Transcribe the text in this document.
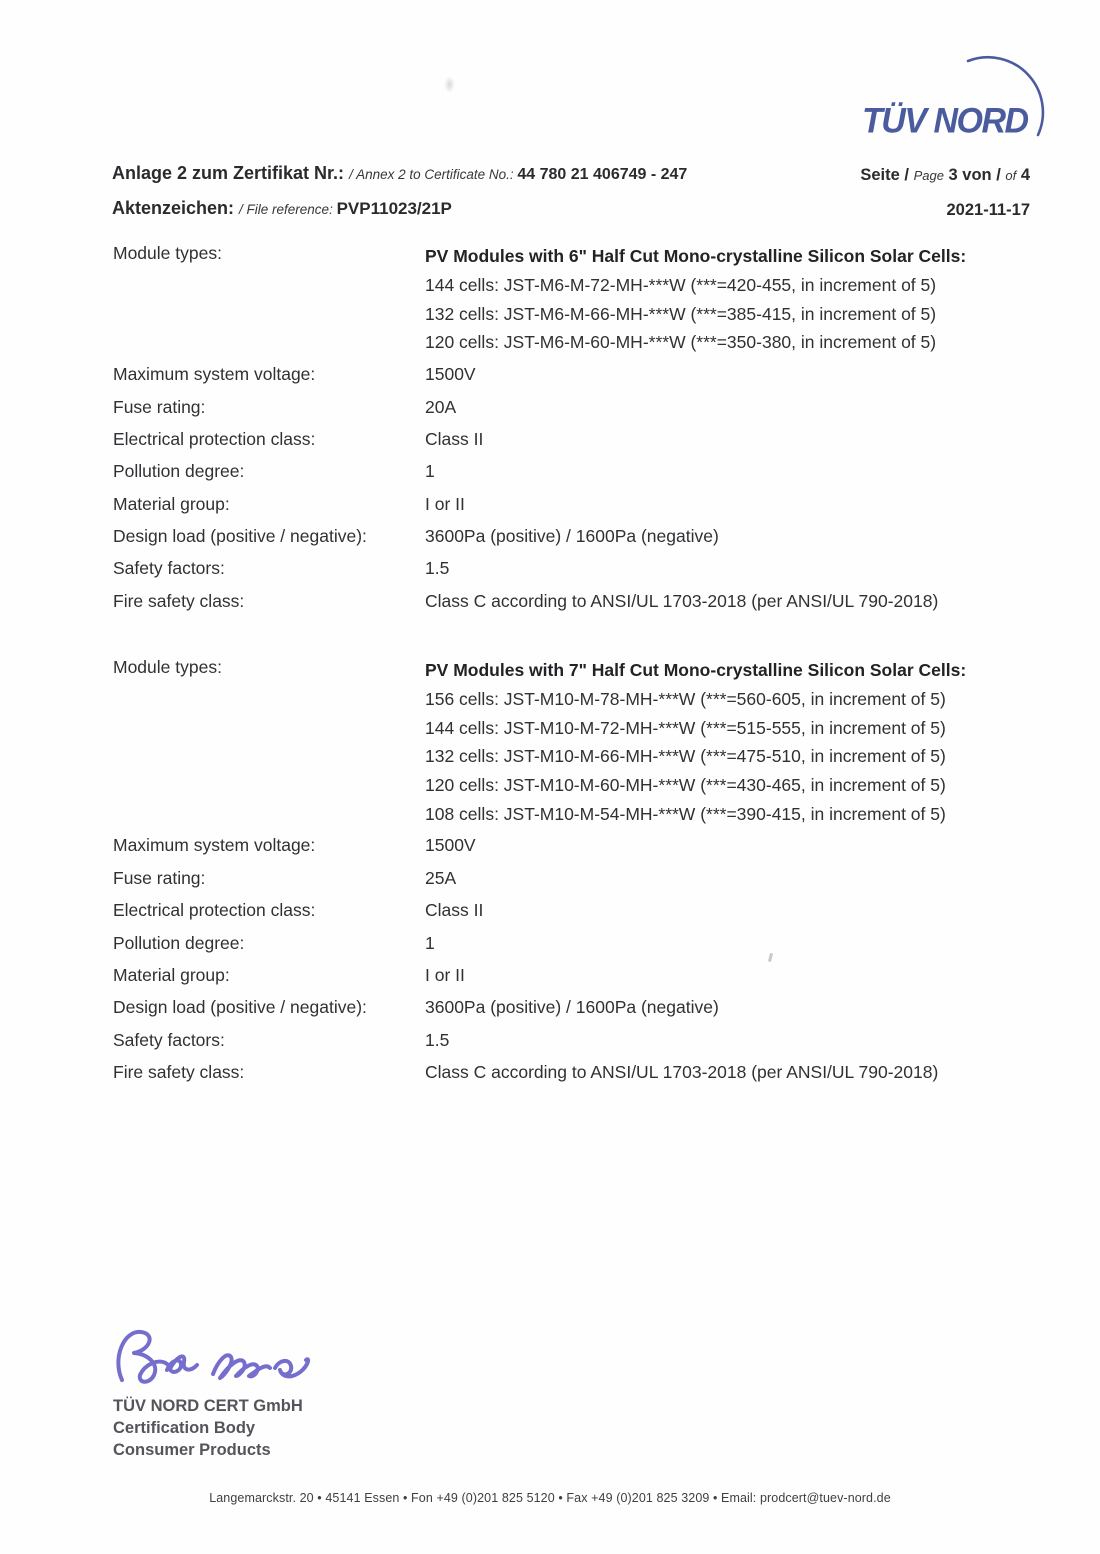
TÜV NORD
Anlage 2 zum Zertifikat Nr.: / Annex 2 to Certificate No.: 44 780 21 406749 - 247
Aktenzeichen: / File reference: PVP11023/21P
Seite / Page 3 von / of 4
2021-11-17
Module types:	PV Modules with 6" Half Cut Mono-crystalline Silicon Solar Cells:
144 cells: JST-M6-M-72-MH-***W (***=420-455, in increment of 5)
132 cells: JST-M6-M-66-MH-***W (***=385-415, in increment of 5)
120 cells: JST-M6-M-60-MH-***W (***=350-380, in increment of 5)
Maximum system voltage:	1500V
Fuse rating:	20A
Electrical protection class:	Class II
Pollution degree:	1
Material group:	I or II
Design load (positive / negative):	3600Pa (positive) / 1600Pa (negative)
Safety factors:	1.5
Fire safety class:	Class C according to ANSI/UL 1703-2018 (per ANSI/UL 790-2018)
Module types:	PV Modules with 7" Half Cut Mono-crystalline Silicon Solar Cells:
156 cells: JST-M10-M-78-MH-***W (***=560-605, in increment of 5)
144 cells: JST-M10-M-72-MH-***W (***=515-555, in increment of 5)
132 cells: JST-M10-M-66-MH-***W (***=475-510, in increment of 5)
120 cells: JST-M10-M-60-MH-***W (***=430-465, in increment of 5)
108 cells: JST-M10-M-54-MH-***W (***=390-415, in increment of 5)
Maximum system voltage:	1500V
Fuse rating:	25A
Electrical protection class:	Class II
Pollution degree:	1
Material group:	I or II
Design load (positive / negative):	3600Pa (positive) / 1600Pa (negative)
Safety factors:	1.5
Fire safety class:	Class C according to ANSI/UL 1703-2018 (per ANSI/UL 790-2018)
TÜV NORD CERT GmbH
Certification Body
Consumer Products
Langemarckstr. 20 • 45141 Essen • Fon +49 (0)201 825 5120 • Fax +49 (0)201 825 3209 • Email: prodcert@tuev-nord.de
